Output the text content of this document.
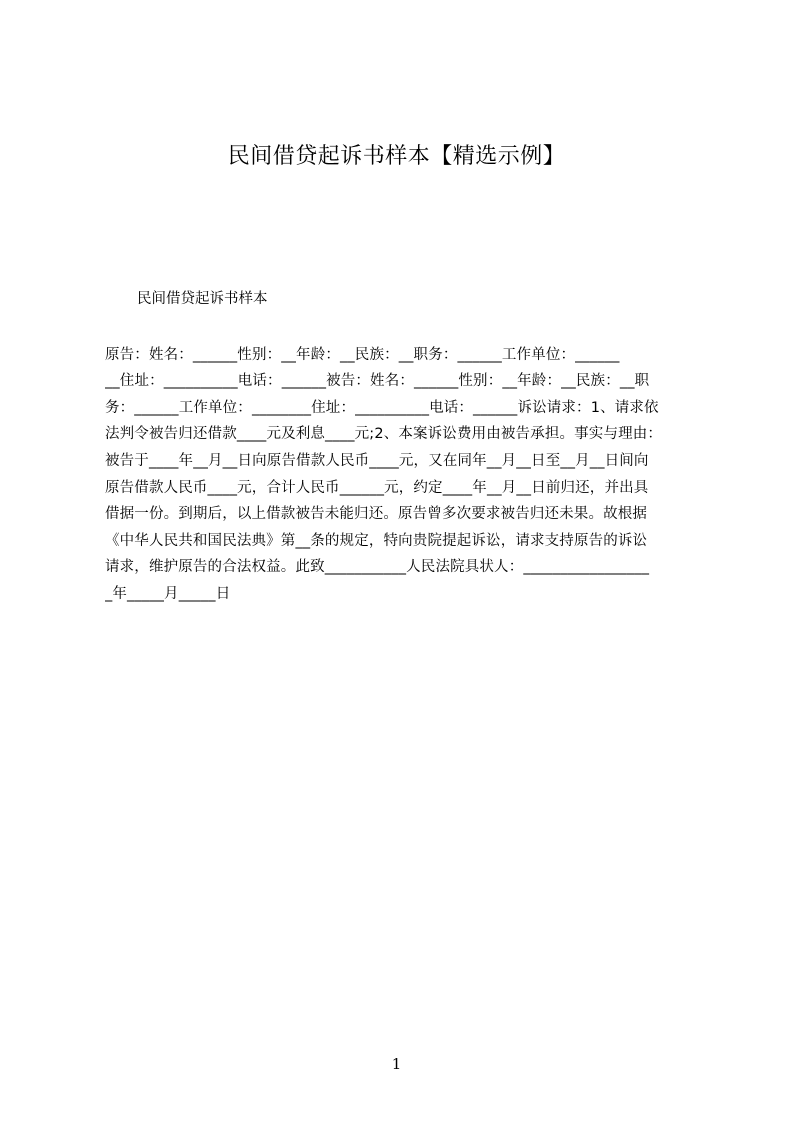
民间借贷起诉书样本【精选示例】
民间借贷起诉书样本
原告：姓名：______性别：__年龄：__民族：__职务：______工作单位：______
__住址：__________电话：______被告：姓名：______性别：__年龄：__民族：__职
务：______工作单位：________住址：__________电话：______诉讼请求：1、请求依
法判令被告归还借款____元及利息____元;2、本案诉讼费用由被告承担。事实与理由：
被告于____年__月__日向原告借款人民币____元，又在同年__月__日至__月__日间向
原告借款人民币____元，合计人民币______元，约定____年__月__日前归还，并出具
借据一份。到期后，以上借款被告未能归还。原告曾多次要求被告归还未果。故根据
《中华人民共和国民法典》第__条的规定，特向贵院提起诉讼，请求支持原告的诉讼
请求，维护原告的合法权益。此致___________人民法院具状人：_________________
_年_____月_____日
1
